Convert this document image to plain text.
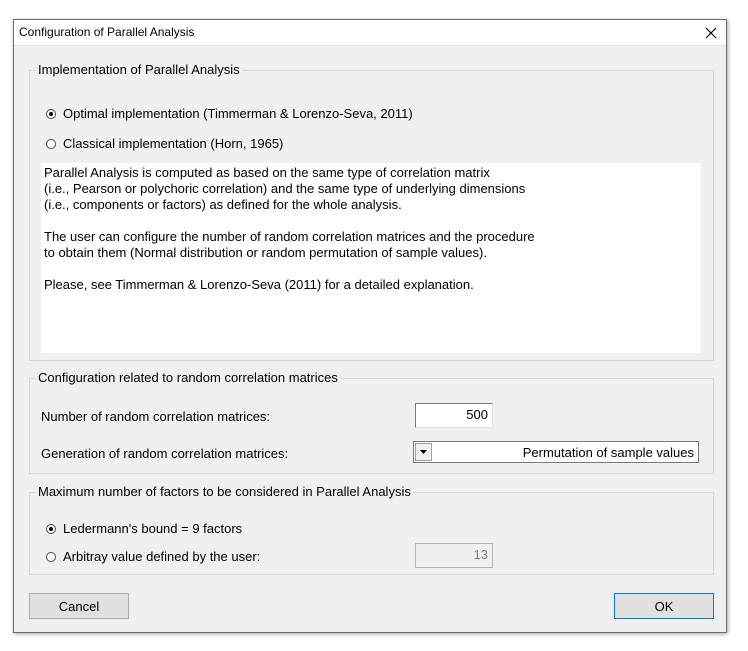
Configuration of Parallel Analysis
Implementation of Parallel Analysis
Optimal implementation (Timmerman & Lorenzo-Seva, 2011)
Classical implementation (Horn, 1965)

Parallel Analysis is computed as based on the same type of correlation matrix
(i.e., Pearson or polychoric correlation) and the same type of underlying dimensions
(i.e., components or factors) as defined for the whole analysis.

The user can configure the number of random correlation matrices and the procedure
to obtain them (Normal distribution or random permutation of sample values).

Please, see Timmerman & Lorenzo-Seva (2011) for a detailed explanation.

Configuration related to random correlation matrices
Number of random correlation matrices:	500
Generation of random correlation matrices:	Permutation of sample values
Maximum number of factors to be considered in Parallel Analysis
Ledermann's bound = 9 factors
Arbitray value defined by the user:	13
Cancel	OK
